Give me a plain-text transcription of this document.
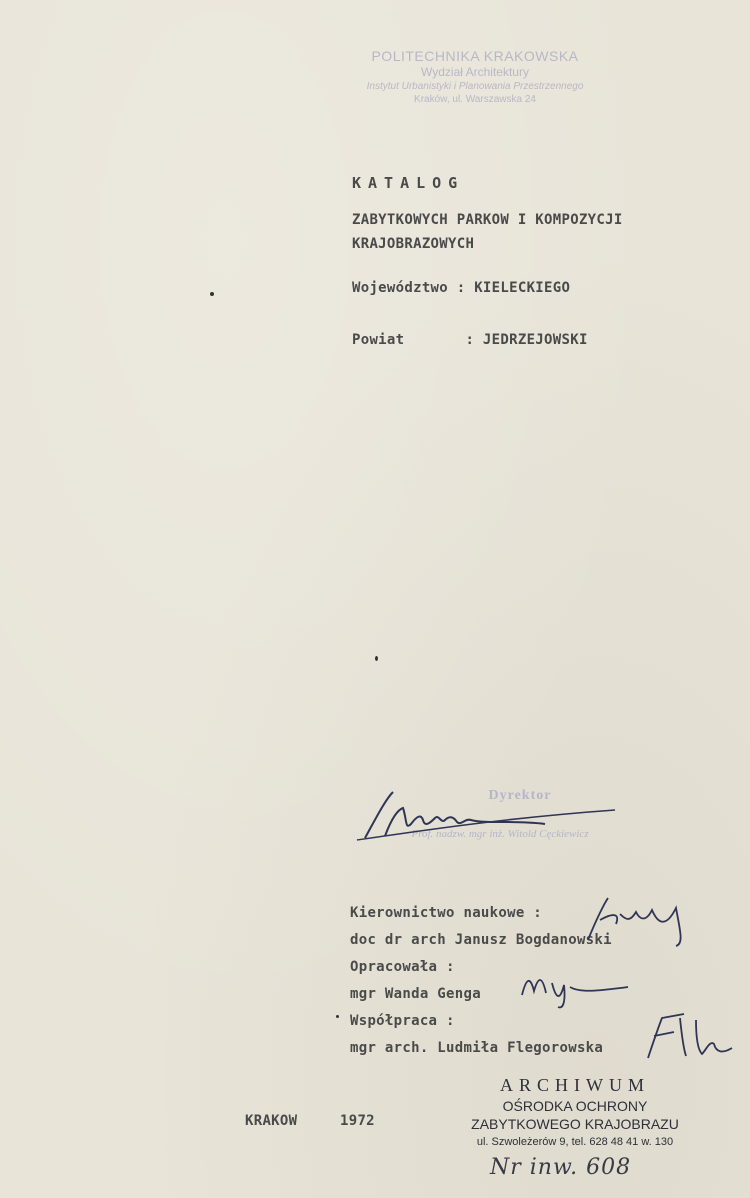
POLITECHNIKA KRAKOWSKA
Wydział Architektury
Instytut Urbanistyki i Planowania Przestrzennego
Kraków, ul. Warszawska 24
KATALOG
ZABYTKOWYCH PARKOW I KOMPOZYCJI
KRAJOBRAZOWYCH
Województwo : KIELECKIEGO
Powiat       : JEDRZEJOWSKI
Dyrektor
Prof. nadzw. mgr inż. Witold Cęckiewicz
Kierownictwo naukowe :
doc dr arch Janusz Bogdanowski
Opracowała :
mgr Wanda Genga
Współpraca :
mgr arch. Ludmiła Flegorowska
KRAKOW	1972
ARCHIWUM
OŚRODKA OCHRONY
ZABYTKOWEGO KRAJOBRAZU
ul. Szwoleżerów 9, tel. 628 48 41 w. 130
Nr inw. 608
